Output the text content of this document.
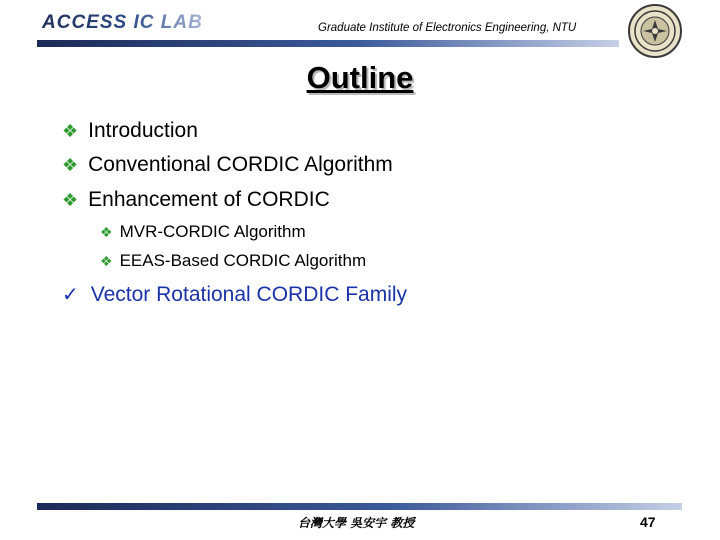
ACCESS IC LAB	Graduate Institute of Electronics Engineering, NTU
Outline
❖ Introduction
❖ Conventional CORDIC Algorithm
❖ Enhancement of CORDIC
❖ MVR-CORDIC Algorithm
❖ EEAS-Based CORDIC Algorithm
✓ Vector Rotational CORDIC Family
台灣大學 吳安宇 教授	47
